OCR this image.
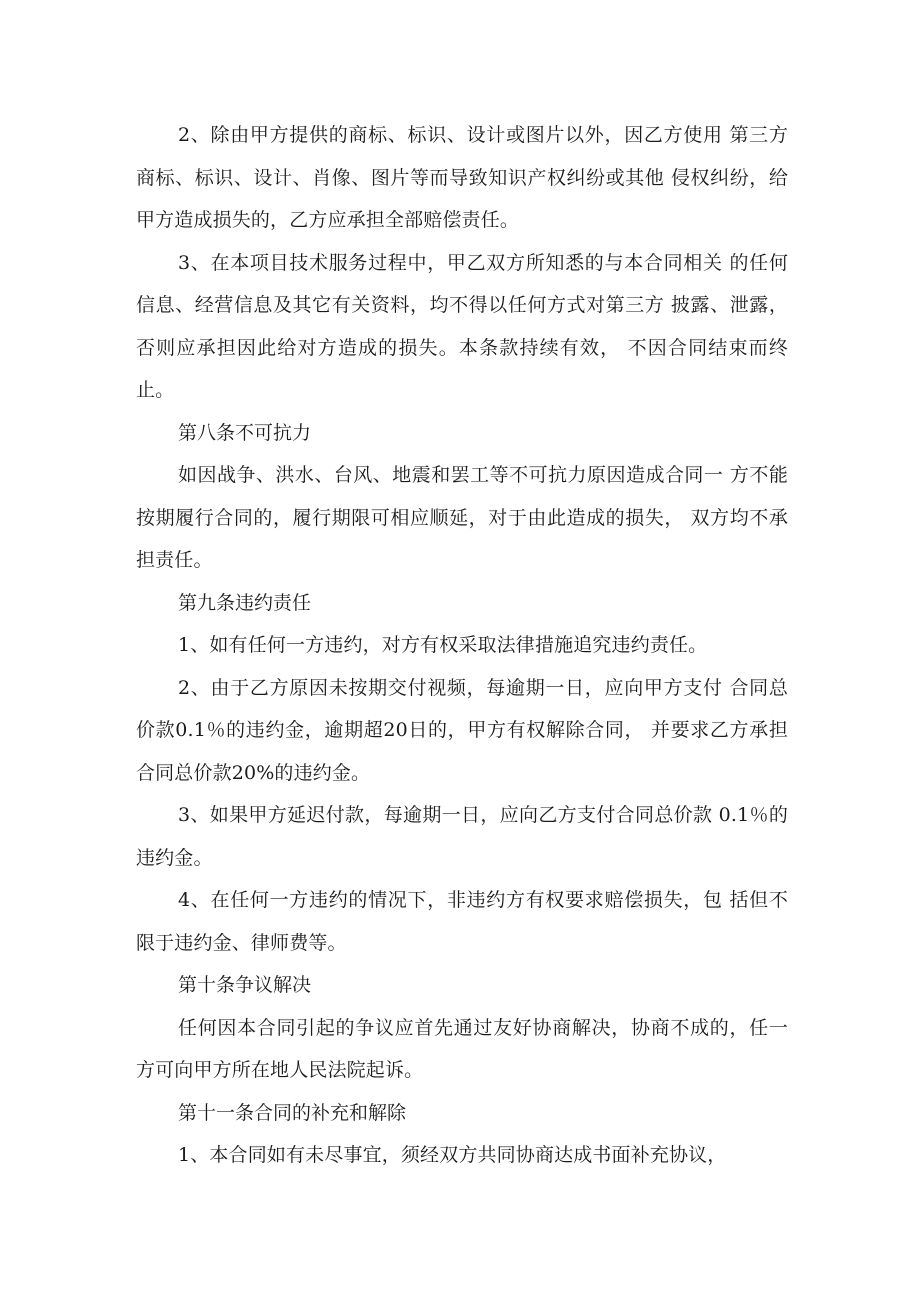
2、除由甲方提供的商标、标识、设计或图片以外，因乙方使用 第三方商标、标识、设计、肖像、图片等而导致知识产权纠纷或其他 侵权纠纷，给甲方造成损失的，乙方应承担全部赔偿责任。

3、在本项目技术服务过程中，甲乙双方所知悉的与本合同相关 的任何信息、经营信息及其它有关资料，均不得以任何方式对第三方 披露、泄露，否则应承担因此给对方造成的损失。本条款持续有效， 不因合同结束而终止。

第八条不可抗力

如因战争、洪水、台风、地震和罢工等不可抗力原因造成合同一 方不能按期履行合同的，履行期限可相应顺延，对于由此造成的损失， 双方均不承担责任。

第九条违约责任

1、如有任何一方违约，对方有权采取法律措施追究违约责任。

2、由于乙方原因未按期交付视频，每逾期一日，应向甲方支付 合同总价款0.1％的违约金，逾期超20日的，甲方有权解除合同， 并要求乙方承担合同总价款20%的违约金。

3、如果甲方延迟付款，每逾期一日，应向乙方支付合同总价款 0.1％的违约金。

4、在任何一方违约的情况下，非违约方有权要求赔偿损失，包 括但不限于违约金、律师费等。

第十条争议解决

任何因本合同引起的争议应首先通过友好协商解决，协商不成的，任一方可向甲方所在地人民法院起诉。

第十一条合同的补充和解除

1、本合同如有未尽事宜，须经双方共同协商达成书面补充协议，
